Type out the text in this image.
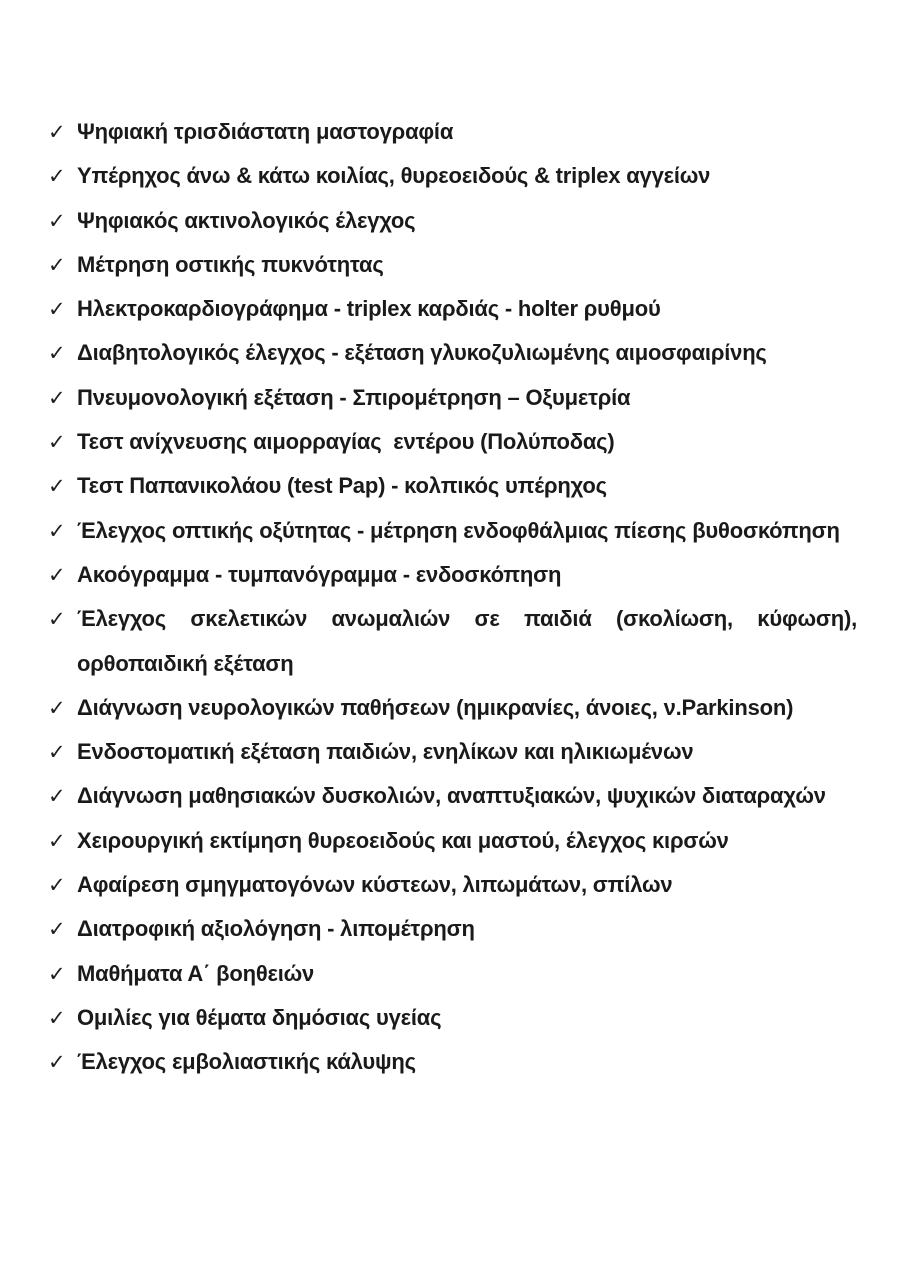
✓ Ψηφιακή τρισδιάστατη μαστογραφία
✓ Υπέρηχος άνω & κάτω κοιλίας, θυρεοειδούς & triplex αγγείων
✓ Ψηφιακός ακτινολογικός έλεγχος
✓ Μέτρηση οστικής πυκνότητας
✓ Ηλεκτροκαρδιογράφημα - triplex καρδιάς - holter ρυθμού
✓ Διαβητολογικός έλεγχος - εξέταση γλυκοζυλιωμένης αιμοσφαιρίνης
✓ Πνευμονολογική εξέταση - Σπιρομέτρηση – Οξυμετρία
✓ Τεστ ανίχνευσης αιμορραγίας  εντέρου (Πολύποδας)
✓ Τεστ Παπανικολάου (test Pap) - κολπικός υπέρηχος
✓ Έλεγχος οπτικής οξύτητας - μέτρηση ενδοφθάλμιας πίεσης βυθοσκόπηση
✓ Ακοόγραμμα - τυμπανόγραμμα - ενδοσκόπηση
✓ Έλεγχος σκελετικών ανωμαλιών σε παιδιά (σκολίωση, κύφωση), ορθοπαιδική εξέταση
✓ Διάγνωση νευρολογικών παθήσεων (ημικρανίες, άνοιες, ν.Parkinson)
✓ Ενδοστοματική εξέταση παιδιών, ενηλίκων και ηλικιωμένων
✓ Διάγνωση μαθησιακών δυσκολιών, αναπτυξιακών, ψυχικών διαταραχών
✓ Χειρουργική εκτίμηση θυρεοειδούς και μαστού, έλεγχος κιρσών
✓ Αφαίρεση σμηγματογόνων κύστεων, λιπωμάτων, σπίλων
✓ Διατροφική αξιολόγηση - λιπομέτρηση
✓ Μαθήματα Α΄ βοηθειών
✓ Ομιλίες για θέματα δημόσιας υγείας
✓ Έλεγχος εμβολιαστικής κάλυψης
